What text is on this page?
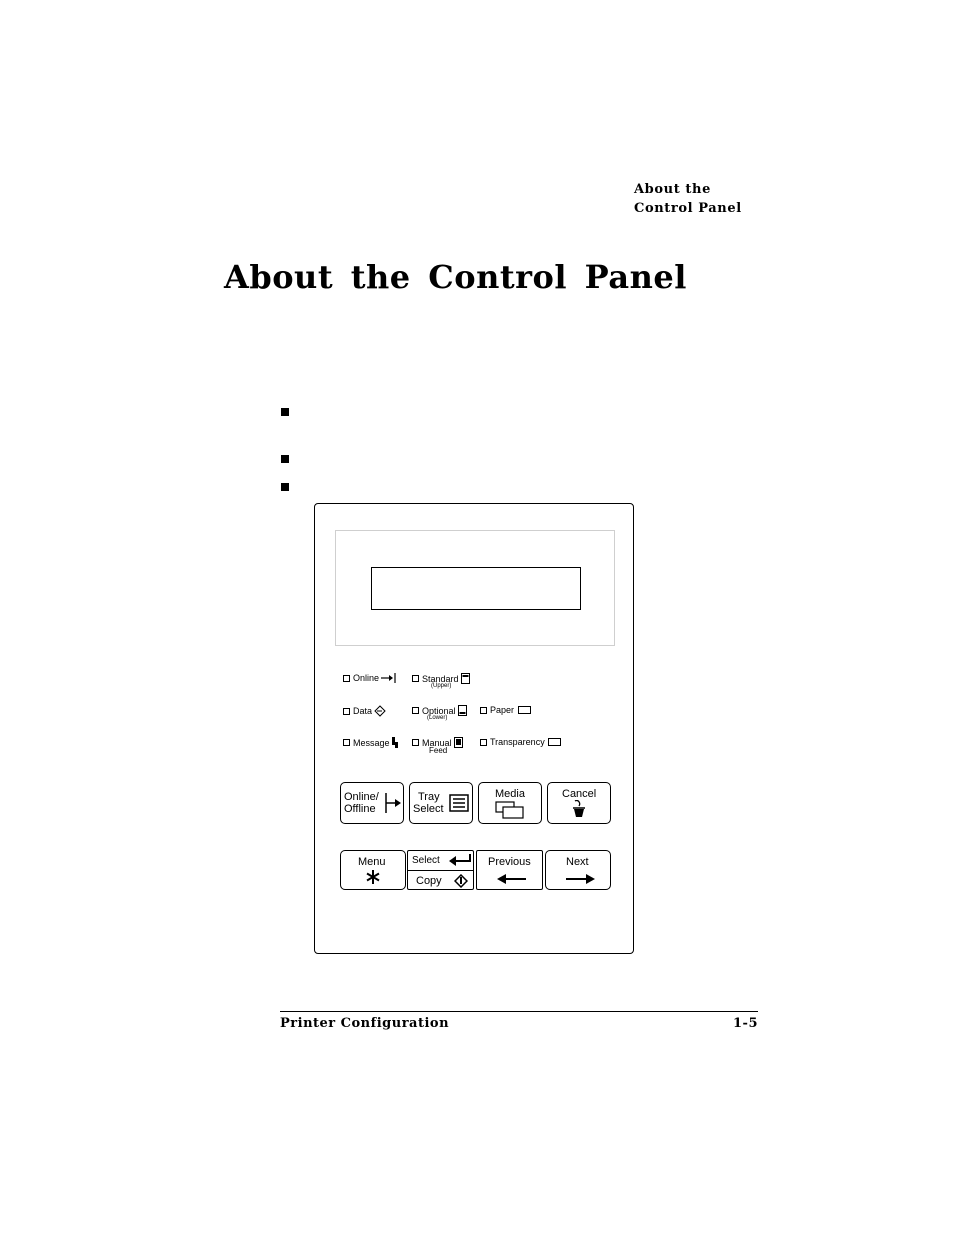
About the
Control Panel
About the Control Panel
Online	Standard
(Upper)
Data	Optional
(Lower)
Paper
Message	Manual
Feed
Transparency
Online/
Offline
Tray
Select
Media	Cancel
Menu	Select
Copy
Previous	Next
Printer Configuration	1-5
